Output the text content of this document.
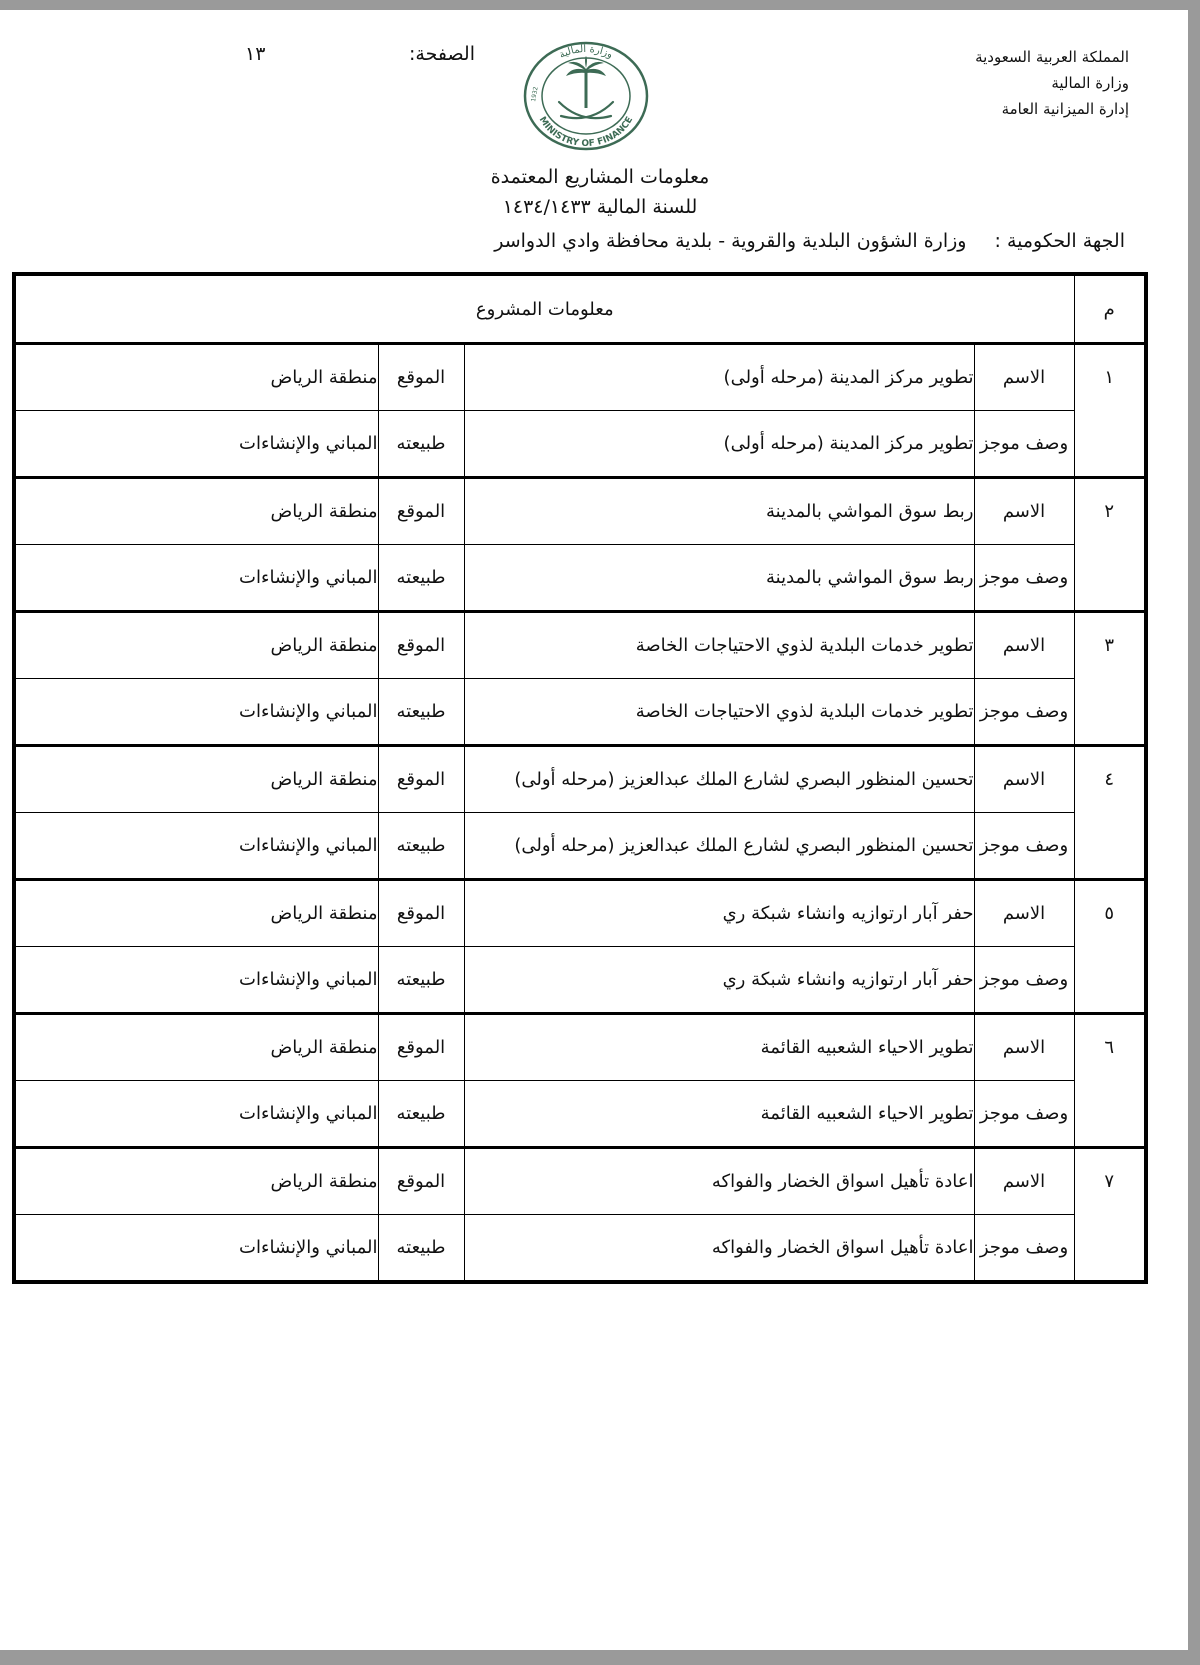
المملكة العربية السعودية
وزارة المالية
إدارة الميزانية العامة
الصفحة:
١٣	وزارة المالية
MINISTRY OF FINANCE
1932
معلومات المشاريع المعتمدة
للسنة المالية ١٤٣٤/١٤٣٣
الجهة الحكومية : وزارة الشؤون البلدية والقروية - بلدية محافظة وادي الدواسر
م	معلومات المشروع			
١	الاسم	تطوير مركز المدينة (مرحله أولى)	الموقع	منطقة الرياض
	وصف موجز	تطوير مركز المدينة (مرحله أولى)	طبيعته	المباني والإنشاءات
٢	الاسم	ربط سوق المواشي بالمدينة	الموقع	منطقة الرياض
	وصف موجز	ربط سوق المواشي بالمدينة	طبيعته	المباني والإنشاءات
٣	الاسم	تطوير خدمات البلدية لذوي الاحتياجات الخاصة	الموقع	منطقة الرياض
	وصف موجز	تطوير خدمات البلدية لذوي الاحتياجات الخاصة	طبيعته	المباني والإنشاءات
٤	الاسم	تحسين المنظور البصري لشارع الملك عبدالعزيز (مرحله أولى)	الموقع	منطقة الرياض
	وصف موجز	تحسين المنظور البصري لشارع الملك عبدالعزيز (مرحله أولى)	طبيعته	المباني والإنشاءات
٥	الاسم	حفر آبار ارتوازيه وانشاء شبكة ري	الموقع	منطقة الرياض
	وصف موجز	حفر آبار ارتوازيه وانشاء شبكة ري	طبيعته	المباني والإنشاءات
٦	الاسم	تطوير الاحياء الشعبيه القائمة	الموقع	منطقة الرياض
	وصف موجز	تطوير الاحياء الشعبيه القائمة	طبيعته	المباني والإنشاءات
٧	الاسم	اعادة تأهيل اسواق الخضار والفواكه	الموقع	منطقة الرياض
	وصف موجز	اعادة تأهيل اسواق الخضار والفواكه	طبيعته	المباني والإنشاءات
